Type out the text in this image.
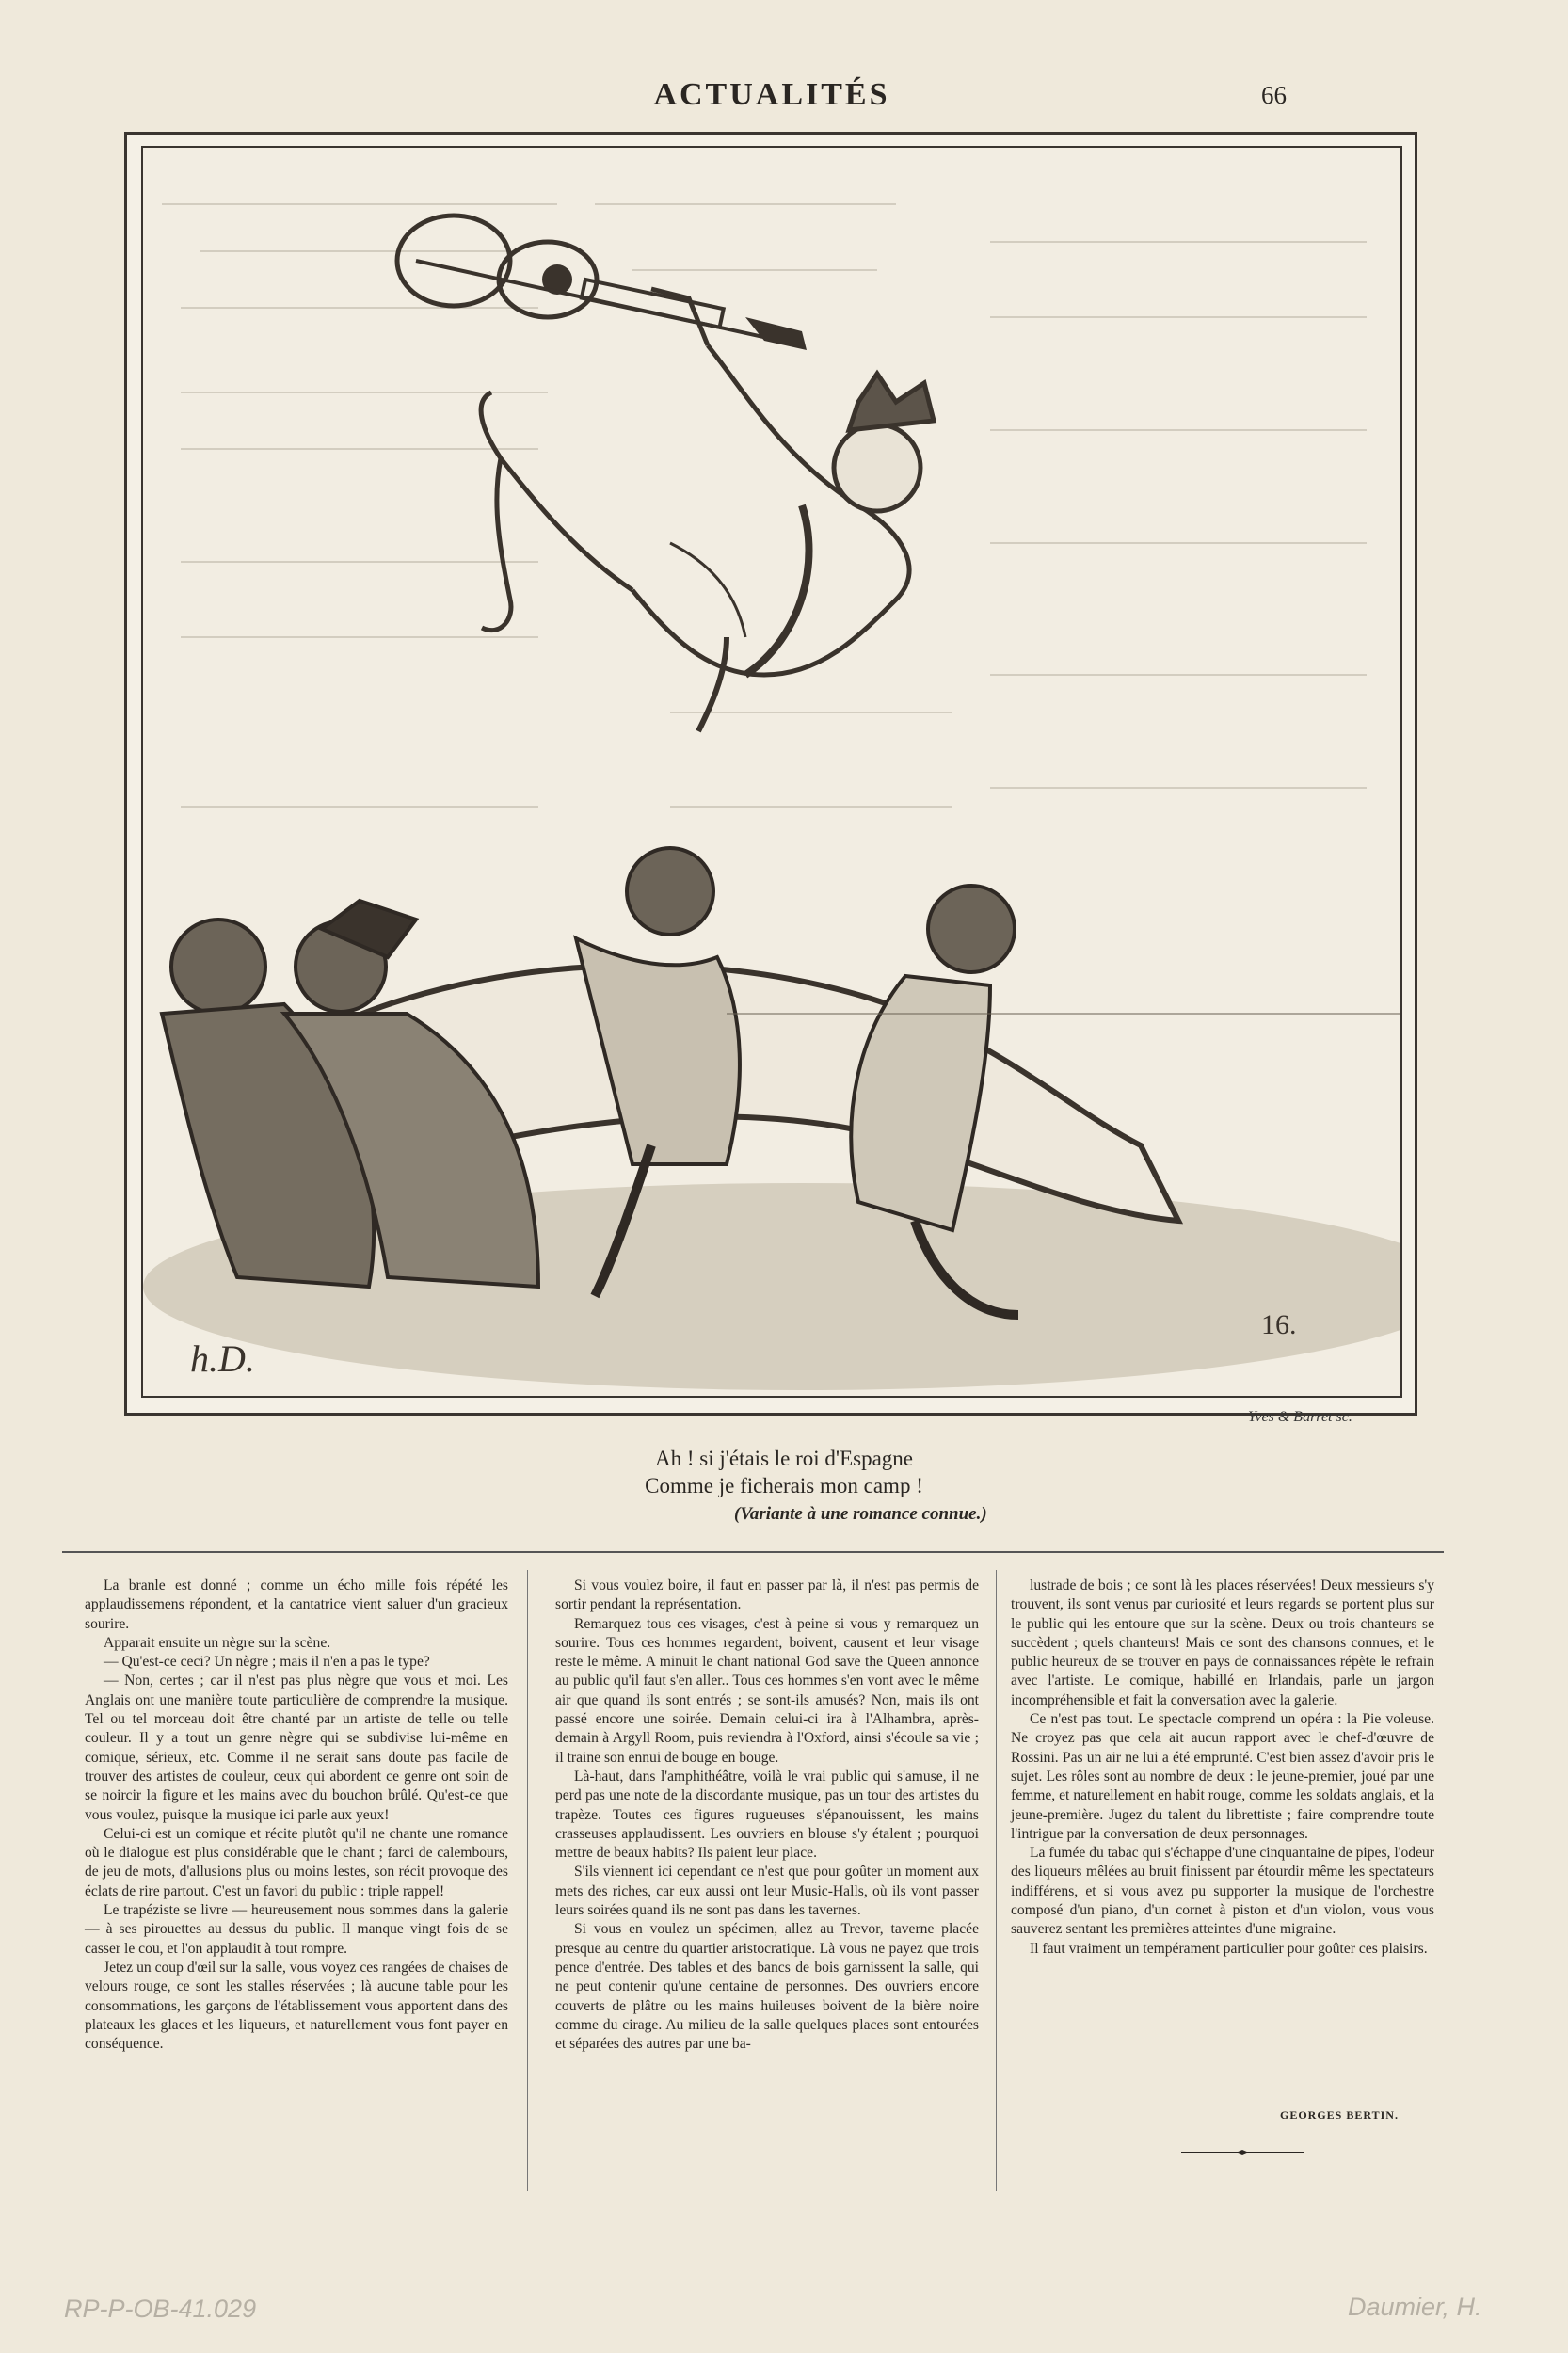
ACTUALITÉS	66
h.D.
16.
Yves & Barret sc.
Ah ! si j'étais le roi d'Espagne
Comme je ficherais mon camp !
(Variante à une romance connue.)

La branle est donné ; comme un écho mille fois répété les applaudissemens répondent, et la cantatrice vient saluer d'un gracieux sourire.

Apparait ensuite un nègre sur la scène.

— Qu'est-ce ceci? Un nègre ; mais il n'en a pas le type?

— Non, certes ; car il n'est pas plus nègre que vous et moi. Les Anglais ont une manière toute particulière de comprendre la musique. Tel ou tel morceau doit être chanté par un artiste de telle ou telle couleur. Il y a tout un genre nègre qui se subdivise lui-même en comique, sérieux, etc. Comme il ne serait sans doute pas facile de trouver des artistes de couleur, ceux qui abordent ce genre ont soin de se noircir la figure et les mains avec du bouchon brûlé. Qu'est-ce que vous voulez, puisque la musique ici parle aux yeux!

Celui-ci est un comique et récite plutôt qu'il ne chante une romance où le dialogue est plus considérable que le chant ; farci de calembours, de jeu de mots, d'allusions plus ou moins lestes, son récit provoque des éclats de rire partout. C'est un favori du public : triple rappel!

Le trapéziste se livre — heureusement nous sommes dans la galerie — à ses pirouettes au dessus du public. Il manque vingt fois de se casser le cou, et l'on applaudit à tout rompre.

Jetez un coup d'œil sur la salle, vous voyez ces rangées de chaises de velours rouge, ce sont les stalles réservées ; là aucune table pour les consommations, les garçons de l'établissement vous apportent dans des plateaux les glaces et les liqueurs, et naturellement vous font payer en conséquence.

Si vous voulez boire, il faut en passer par là, il n'est pas permis de sortir pendant la représentation.

Remarquez tous ces visages, c'est à peine si vous y remarquez un sourire. Tous ces hommes regardent, boivent, causent et leur visage reste le même. A minuit le chant national God save the Queen annonce au public qu'il faut s'en aller.. Tous ces hommes s'en vont avec le même air que quand ils sont entrés ; se sont-ils amusés? Non, mais ils ont passé encore une soirée. Demain celui-ci ira à l'Alhambra, après-demain à Argyll Room, puis reviendra à l'Oxford, ainsi s'écoule sa vie ; il traine son ennui de bouge en bouge.

Là-haut, dans l'amphithéâtre, voilà le vrai public qui s'amuse, il ne perd pas une note de la discordante musique, pas un tour des artistes du trapèze. Toutes ces figures rugueuses s'épanouissent, les mains crasseuses applaudissent. Les ouvriers en blouse s'y étalent ; pourquoi mettre de beaux habits? Ils paient leur place.

S'ils viennent ici cependant ce n'est que pour goûter un moment aux mets des riches, car eux aussi ont leur Music-Halls, où ils vont passer leurs soirées quand ils ne sont pas dans les tavernes.

Si vous en voulez un spécimen, allez au Trevor, taverne placée presque au centre du quartier aristocratique. Là vous ne payez que trois pence d'entrée. Des tables et des bancs de bois garnissent la salle, qui ne peut contenir qu'une centaine de personnes. Des ouvriers encore couverts de plâtre ou les mains huileuses boivent de la bière noire comme du cirage. Au milieu de la salle quelques places sont entourées et séparées des autres par une ba-

lustrade de bois ; ce sont là les places réservées! Deux messieurs s'y trouvent, ils sont venus par curiosité et leurs regards se portent plus sur le public qui les entoure que sur la scène. Deux ou trois chanteurs se succèdent ; quels chanteurs! Mais ce sont des chansons connues, et le public heureux de se trouver en pays de connaissances répète le refrain avec l'artiste. Le comique, habillé en Irlandais, parle un jargon incompréhensible et fait la conversation avec la galerie.

Ce n'est pas tout. Le spectacle comprend un opéra : la Pie voleuse. Ne croyez pas que cela ait aucun rapport avec le chef-d'œuvre de Rossini. Pas un air ne lui a été emprunté. C'est bien assez d'avoir pris le sujet. Les rôles sont au nombre de deux : le jeune-premier, joué par une femme, et naturellement en habit rouge, comme les soldats anglais, et la jeune-première. Jugez du talent du librettiste ; faire comprendre toute l'intrigue par la conversation de deux personnages.

La fumée du tabac qui s'échappe d'une cinquantaine de pipes, l'odeur des liqueurs mêlées au bruit finissent par étourdir même les spectateurs indifférens, et si vous avez pu supporter la musique de l'orchestre composé d'un piano, d'un cornet à piston et d'un violon, vous vous sauverez sentant les premières atteintes d'une migraine.

Il faut vraiment un tempérament particulier pour goûter ces plaisirs.

GEORGES BERTIN.
RP-P-OB-41.029	Daumier, H.
